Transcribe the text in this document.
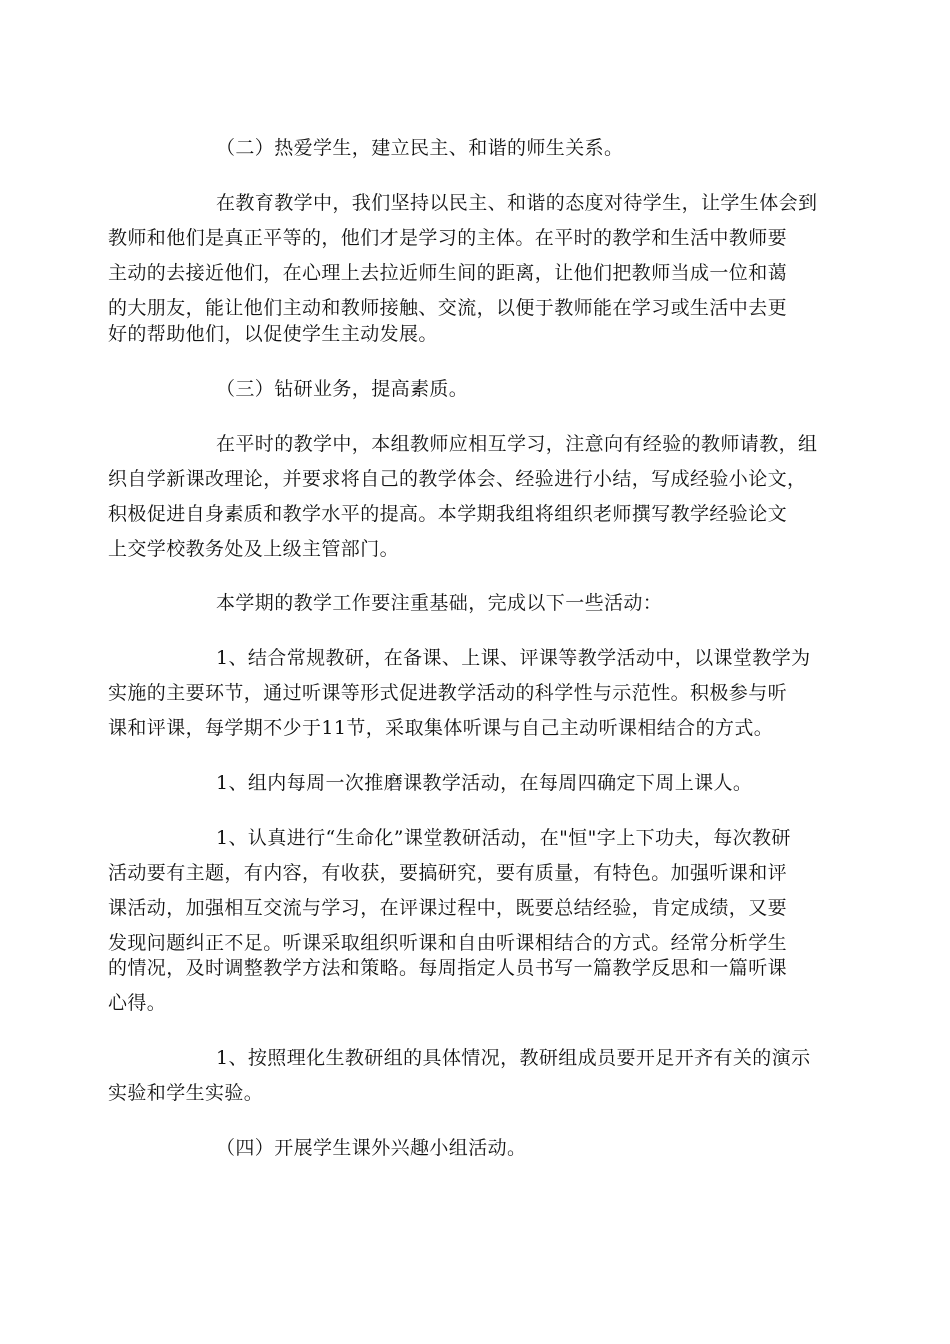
（二）热爱学生，建立民主、和谐的师生关系。
在教育教学中，我们坚持以民主、和谐的态度对待学生，让学生体会到
教师和他们是真正平等的，他们才是学习的主体。在平时的教学和生活中教师要
主动的去接近他们，在心理上去拉近师生间的距离，让他们把教师当成一位和蔼
的大朋友，能让他们主动和教师接触、交流，以便于教师能在学习或生活中去更
好的帮助他们，以促使学生主动发展。
（三）钻研业务，提高素质。
在平时的教学中，本组教师应相互学习，注意向有经验的教师请教，组
织自学新课改理论，并要求将自己的教学体会、经验进行小结，写成经验小论文，
积极促进自身素质和教学水平的提高。本学期我组将组织老师撰写教学经验论文
上交学校教务处及上级主管部门。
本学期的教学工作要注重基础，完成以下一些活动：
1、结合常规教研，在备课、上课、评课等教学活动中，以课堂教学为
实施的主要环节，通过听课等形式促进教学活动的科学性与示范性。积极参与听
课和评课，每学期不少于11节，采取集体听课与自己主动听课相结合的方式。
1、组内每周一次推磨课教学活动，在每周四确定下周上课人。
1、认真进行“生命化”课堂教研活动，在"恒"字上下功夫，每次教研
活动要有主题，有内容，有收获，要搞研究，要有质量，有特色。加强听课和评
课活动，加强相互交流与学习，在评课过程中，既要总结经验，肯定成绩，又要
发现问题纠正不足。听课采取组织听课和自由听课相结合的方式。经常分析学生
的情况，及时调整教学方法和策略。每周指定人员书写一篇教学反思和一篇听课
心得。
1、按照理化生教研组的具体情况，教研组成员要开足开齐有关的演示
实验和学生实验。
（四）开展学生课外兴趣小组活动。
